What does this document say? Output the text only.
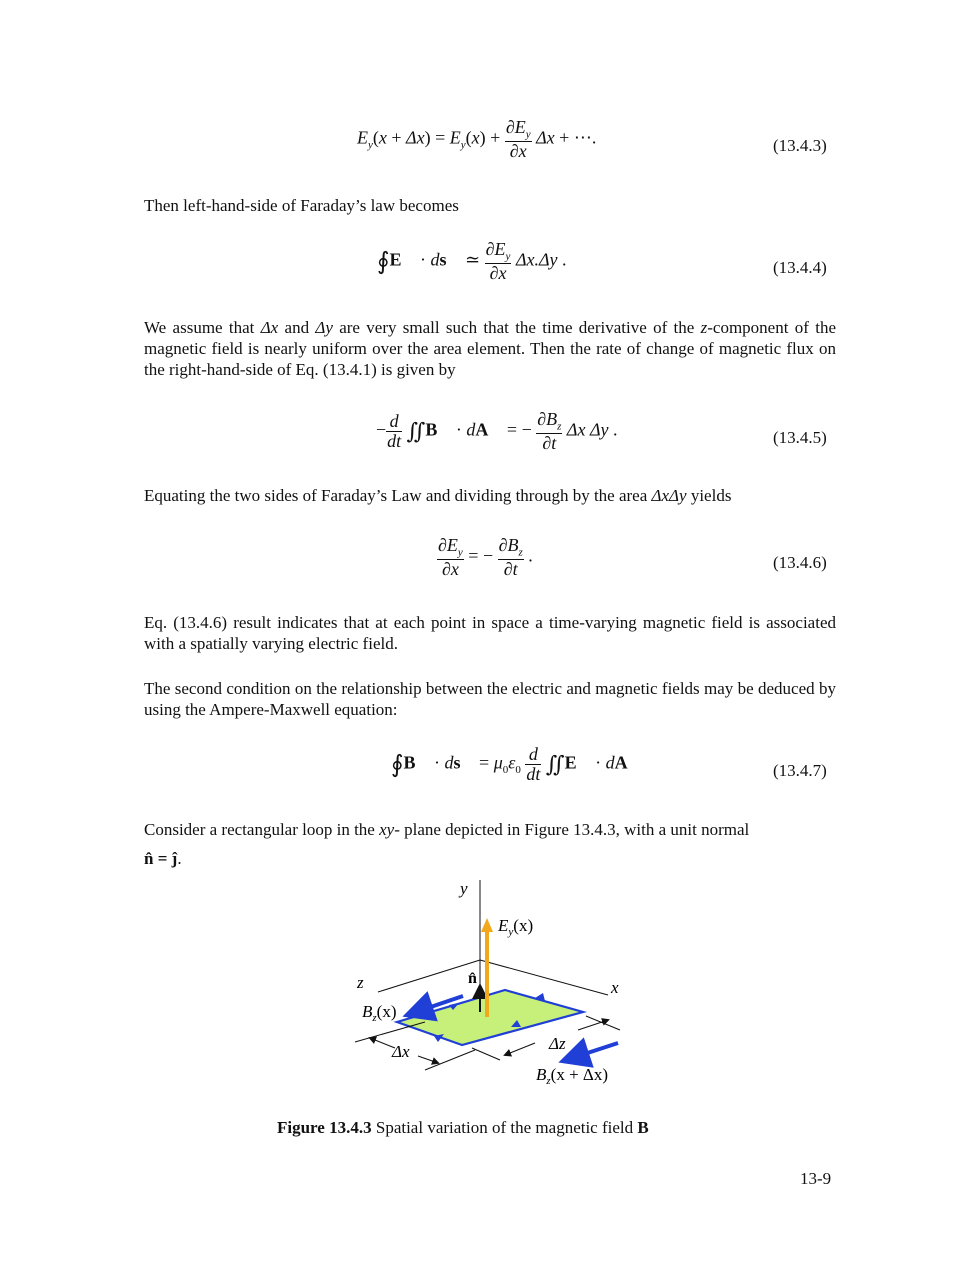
$E_y(x + \Delta x) = E_y(x) + \frac{\partial E_y}{\partial x}$ Δx + ⋯.	(13.4.3)
Then left-hand-side of Faraday’s law becomes
∮E⃗ · ds⃗ ≃ $\frac{\partial E_y}{\partial x} \Delta x.\Delta y$ .	(13.4.4)
We assume that Δx and Δy are very small such that the time derivative of the z-component of the magnetic field is nearly uniform over the area element. Then the rate of change of magnetic flux on the right-hand-side of Eq. (13.4.1) is given by
− $\frac{d}{dt}$ ∬B⃗ · dA⃗ = − $\frac{\partial B_z}{\partial t}$ Δx Δy .	(13.4.5)
Equating the two sides of Faraday’s Law and dividing through by the area ΔxΔy yields
$\frac{\partial E_y}{\partial x}$ = − $\frac{\partial B_z}{\partial t}$ .	(13.4.6)
Eq. (13.4.6) result indicates that at each point in space a time-varying magnetic field is associated with a spatially varying electric field.
The second condition on the relationship between the electric and magnetic fields may be deduced by using the Ampere-Maxwell equation:
∮B⃗ · ds⃗ = $\mu_0\varepsilon_0 \frac{d}{dt}$ ∬E⃗ · dA⃗	(13.4.7)
Consider a rectangular loop in the xy- plane depicted in Figure 13.4.3, with a unit normal
n̂ = ĵ.
y
z	x
$E_y(x)$
n̂
$B_z(x)$
Δx	Δz
$B_z(x + \Delta x)$
Figure 13.4.3 Spatial variation of the magnetic field B
13-9
